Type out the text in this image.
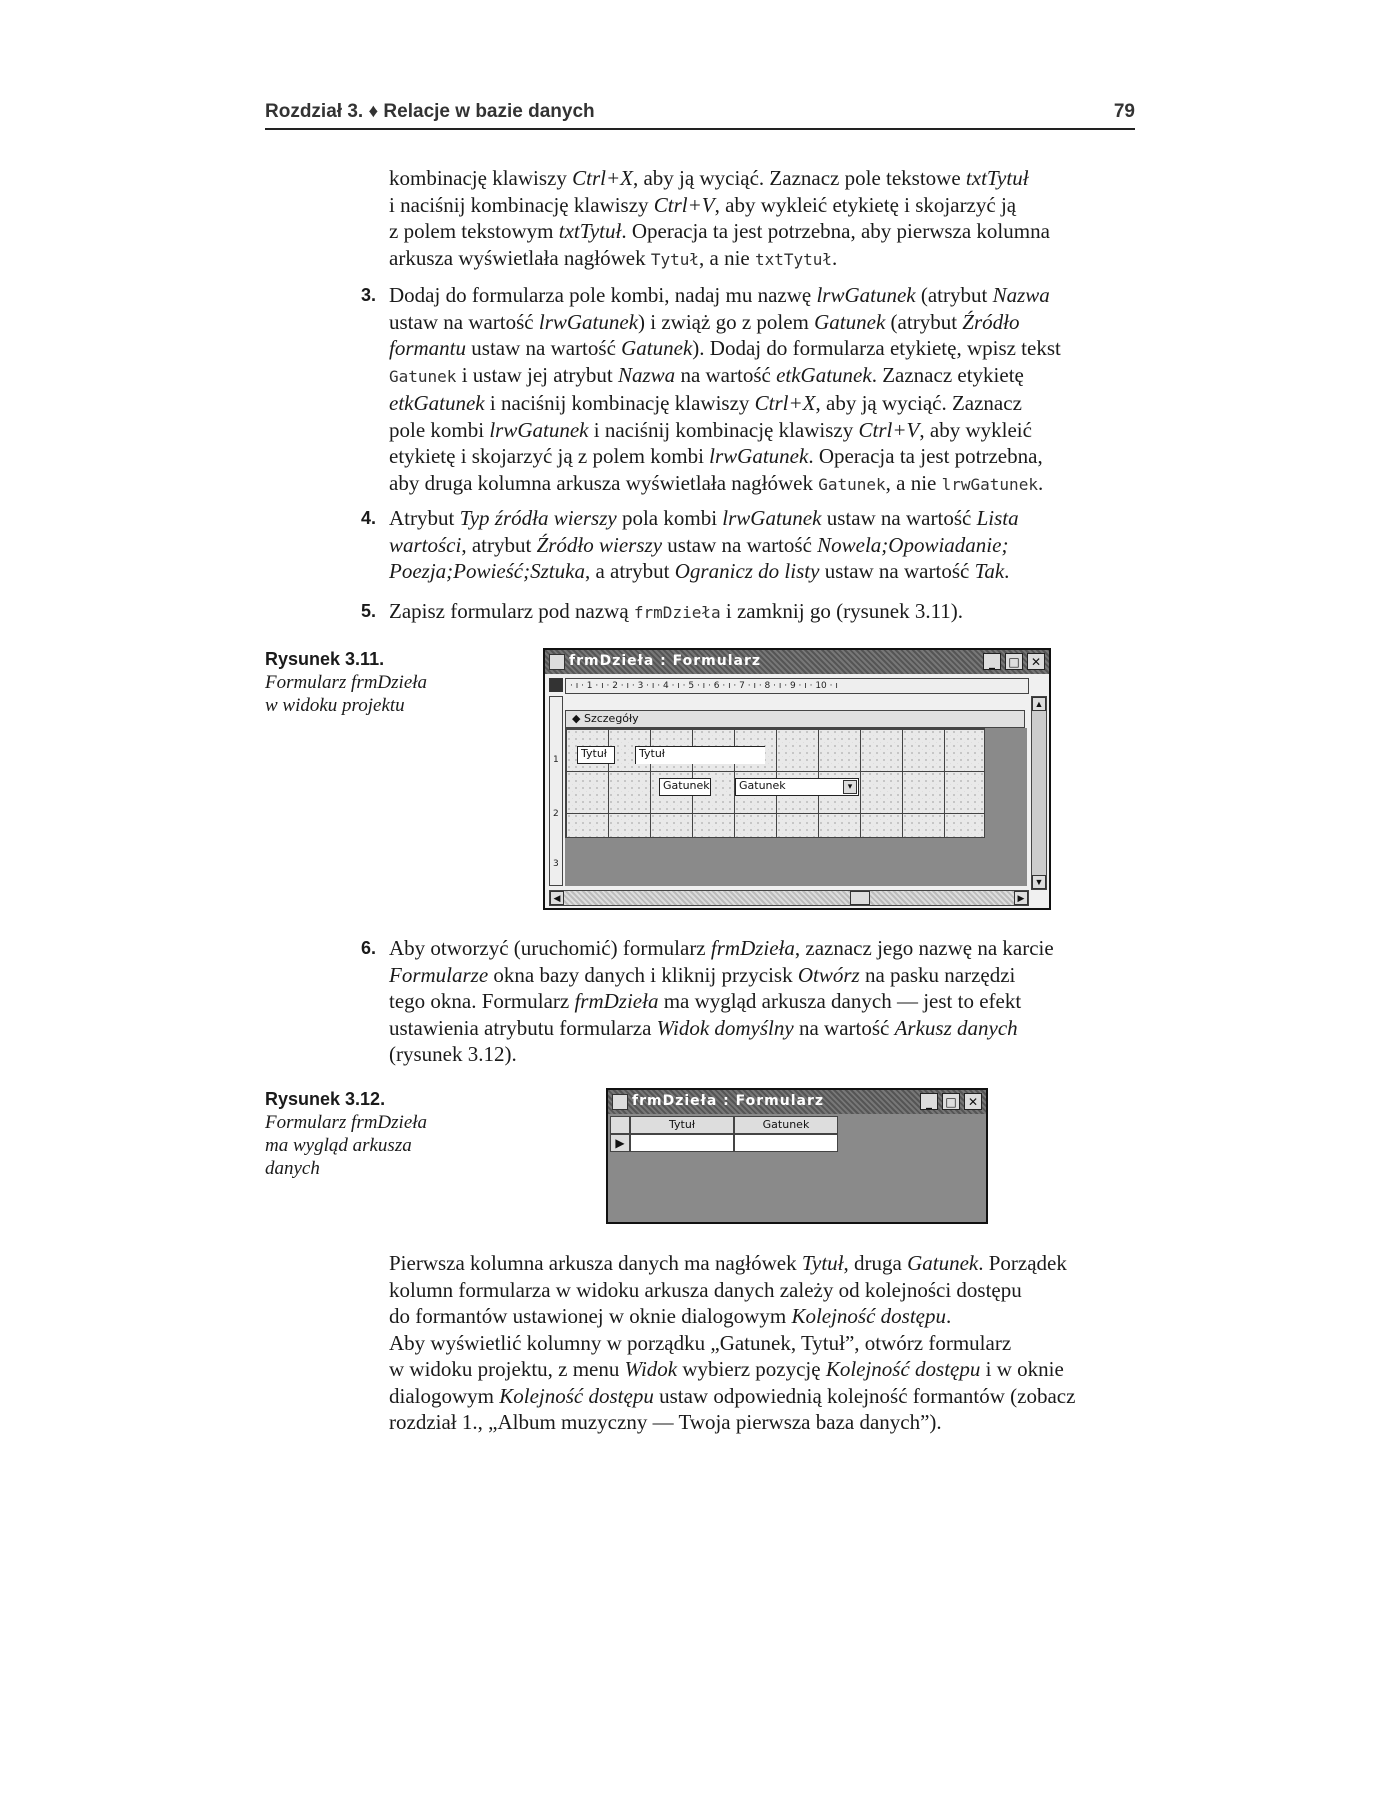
Rozdział 3. ♦ Relacje w bazie danych	79

kombinację klawiszy Ctrl+X, aby ją wyciąć. Zaznacz pole tekstowe txtTytuł

i naciśnij kombinację klawiszy Ctrl+V, aby wykleić etykietę i skojarzyć ją

z polem tekstowym txtTytuł. Operacja ta jest potrzebna, aby pierwsza kolumna

arkusza wyświetlała nagłówek Tytuł, a nie txtTytuł.

3. Dodaj do formularza pole kombi, nadaj mu nazwę lrwGatunek (atrybut Nazwa

ustaw na wartość lrwGatunek) i zwiąż go z polem Gatunek (atrybut Źródło

formantu ustaw na wartość Gatunek). Dodaj do formularza etykietę, wpisz tekst

Gatunek i ustaw jej atrybut Nazwa na wartość etkGatunek. Zaznacz etykietę

etkGatunek i naciśnij kombinację klawiszy Ctrl+X, aby ją wyciąć. Zaznacz

pole kombi lrwGatunek i naciśnij kombinację klawiszy Ctrl+V, aby wykleić

etykietę i skojarzyć ją z polem kombi lrwGatunek. Operacja ta jest potrzebna,

aby druga kolumna arkusza wyświetlała nagłówek Gatunek, a nie lrwGatunek.

4. Atrybut Typ źródła wierszy pola kombi lrwGatunek ustaw na wartość Lista

wartości, atrybut Źródło wierszy ustaw na wartość Nowela;Opowiadanie;

Poezja;Powieść;Sztuka, a atrybut Ogranicz do listy ustaw na wartość Tak.

5. Zapisz formularz pod nazwą frmDzieła i zamknij go (rysunek 3.11).

Rysunek 3.11.
Formularz frmDzieła
w widoku projektu
frmDzieła : Formularz	_	□ ✕
· ı · 1 · ı · 2 · ı · 3 · ı · 4 · ı · 5 · ı · 6 · ı · 7 · ı · 8 · ı · 9 · ı · 10 · ı
1
2
3
◆ Szczegóły
Tytuł	Tytuł
Gatunek	Gatunek	▾
▲
▼
◀	▶
6. Aby otworzyć (uruchomić) formularz frmDzieła, zaznacz jego nazwę na karcie

Formularze okna bazy danych i kliknij przycisk Otwórz na pasku narzędzi

tego okna. Formularz frmDzieła ma wygląd arkusza danych — jest to efekt

ustawienia atrybutu formularza Widok domyślny na wartość Arkusz danych

(rysunek 3.12).

Rysunek 3.12.
Formularz frmDzieła
ma wygląd arkusza
danych
frmDzieła : Formularz	_	□ ✕
Tytuł	Gatunek
▶

Pierwsza kolumna arkusza danych ma nagłówek Tytuł, druga Gatunek. Porządek

kolumn formularza w widoku arkusza danych zależy od kolejności dostępu

do formantów ustawionej w oknie dialogowym Kolejność dostępu.

Aby wyświetlić kolumny w porządku „Gatunek, Tytuł”, otwórz formularz

w widoku projektu, z menu Widok wybierz pozycję Kolejność dostępu i w oknie

dialogowym Kolejność dostępu ustaw odpowiednią kolejność formantów (zobacz

rozdział 1., „Album muzyczny — Twoja pierwsza baza danych”).
